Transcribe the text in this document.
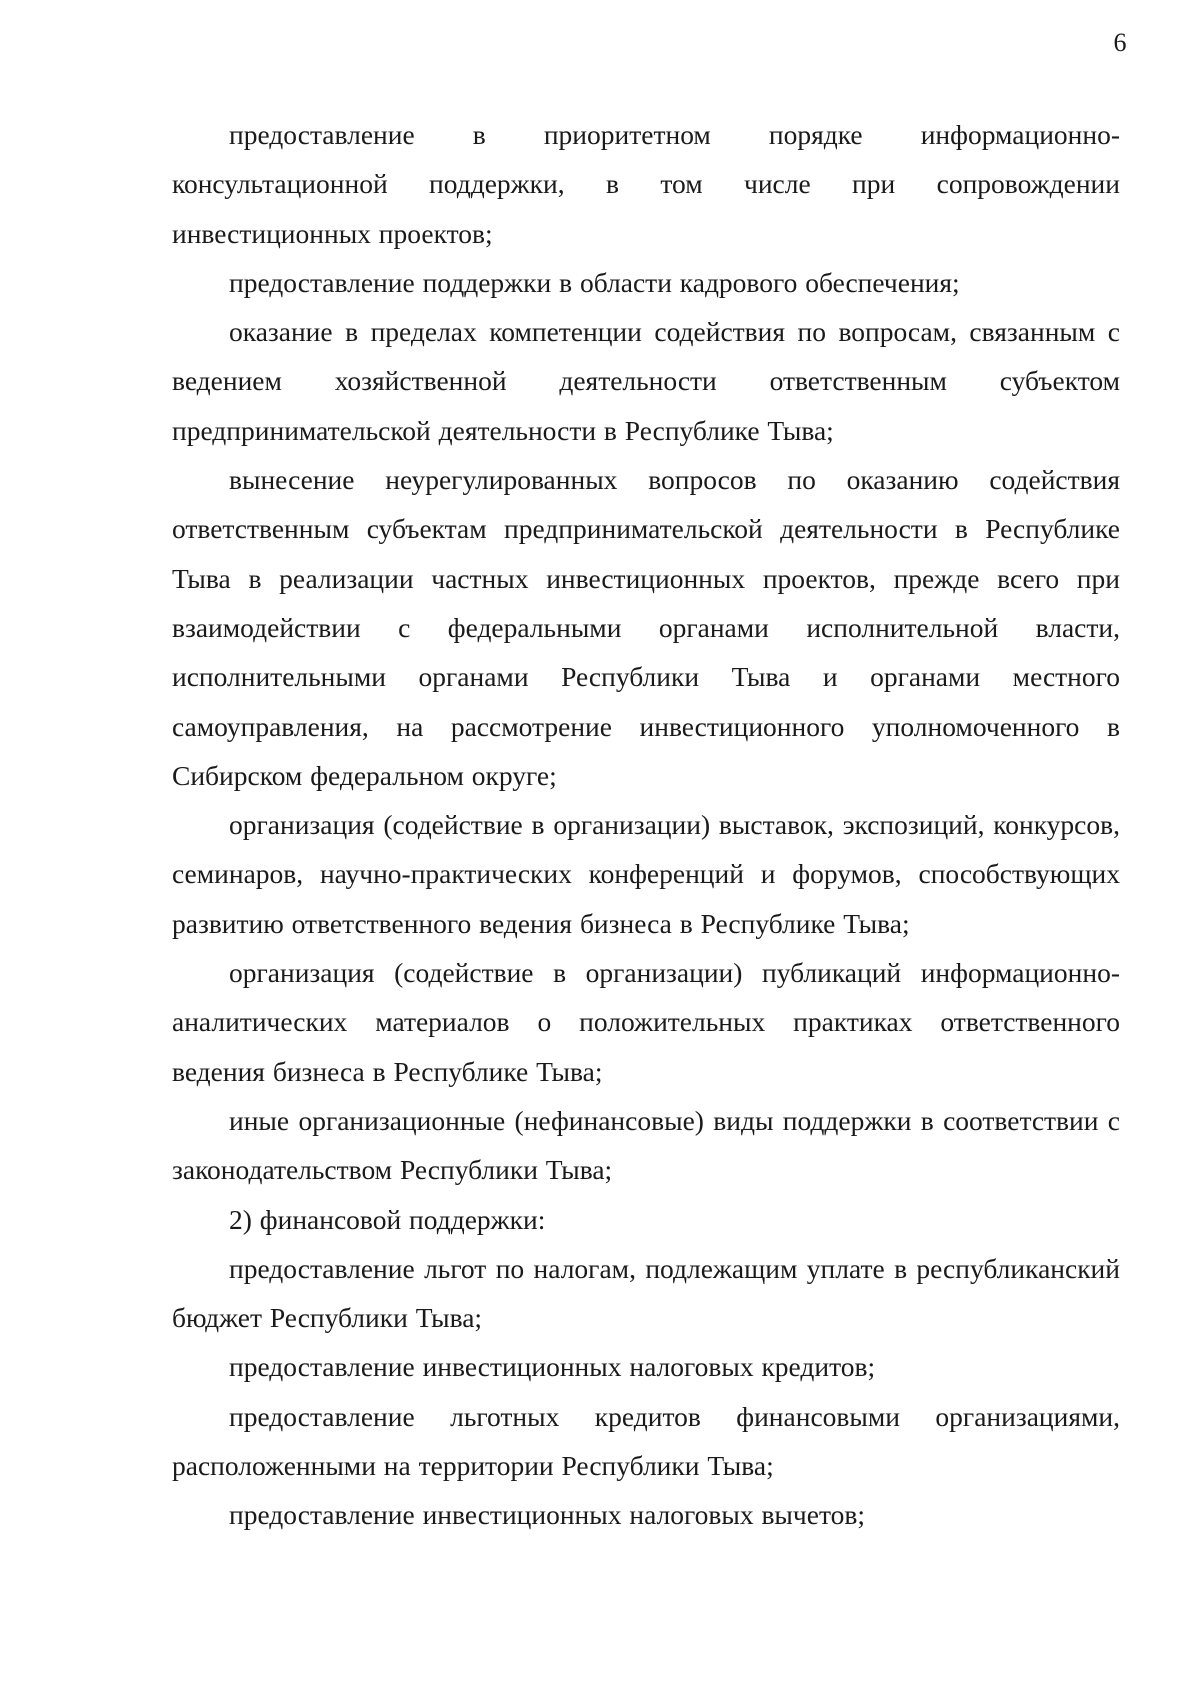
6

предоставление в приоритетном порядке информационно-консультационной поддержки, в том числе при сопровождении инвестиционных проектов;

предоставление поддержки в области кадрового обеспечения;

оказание в пределах компетенции содействия по вопросам, связанным с ведением хозяйственной деятельности ответственным субъектом предпринимательской деятельности в Республике Тыва;

вынесение неурегулированных вопросов по оказанию содействия ответственным субъектам предпринимательской деятельности в Республике Тыва в реализации частных инвестиционных проектов, прежде всего при взаимодействии с федеральными органами исполнительной власти, исполнительными органами Республики Тыва и органами местного самоуправления, на рассмотрение инвестиционного уполномоченного в Сибирском федеральном округе;

организация (содействие в организации) выставок, экспозиций, конкурсов, семинаров, научно-практических конференций и форумов, способствующих развитию ответственного ведения бизнеса в Республике Тыва;

организация (содействие в организации) публикаций информационно-аналитических материалов о положительных практиках ответственного ведения бизнеса в Республике Тыва;

иные организационные (нефинансовые) виды поддержки в соответствии с законодательством Республики Тыва;

2) финансовой поддержки:

предоставление льгот по налогам, подлежащим уплате в республиканский бюджет Республики Тыва;

предоставление инвестиционных налоговых кредитов;

предоставление льготных кредитов финансовыми организациями, расположенными на территории Республики Тыва;

предоставление инвестиционных налоговых вычетов;
